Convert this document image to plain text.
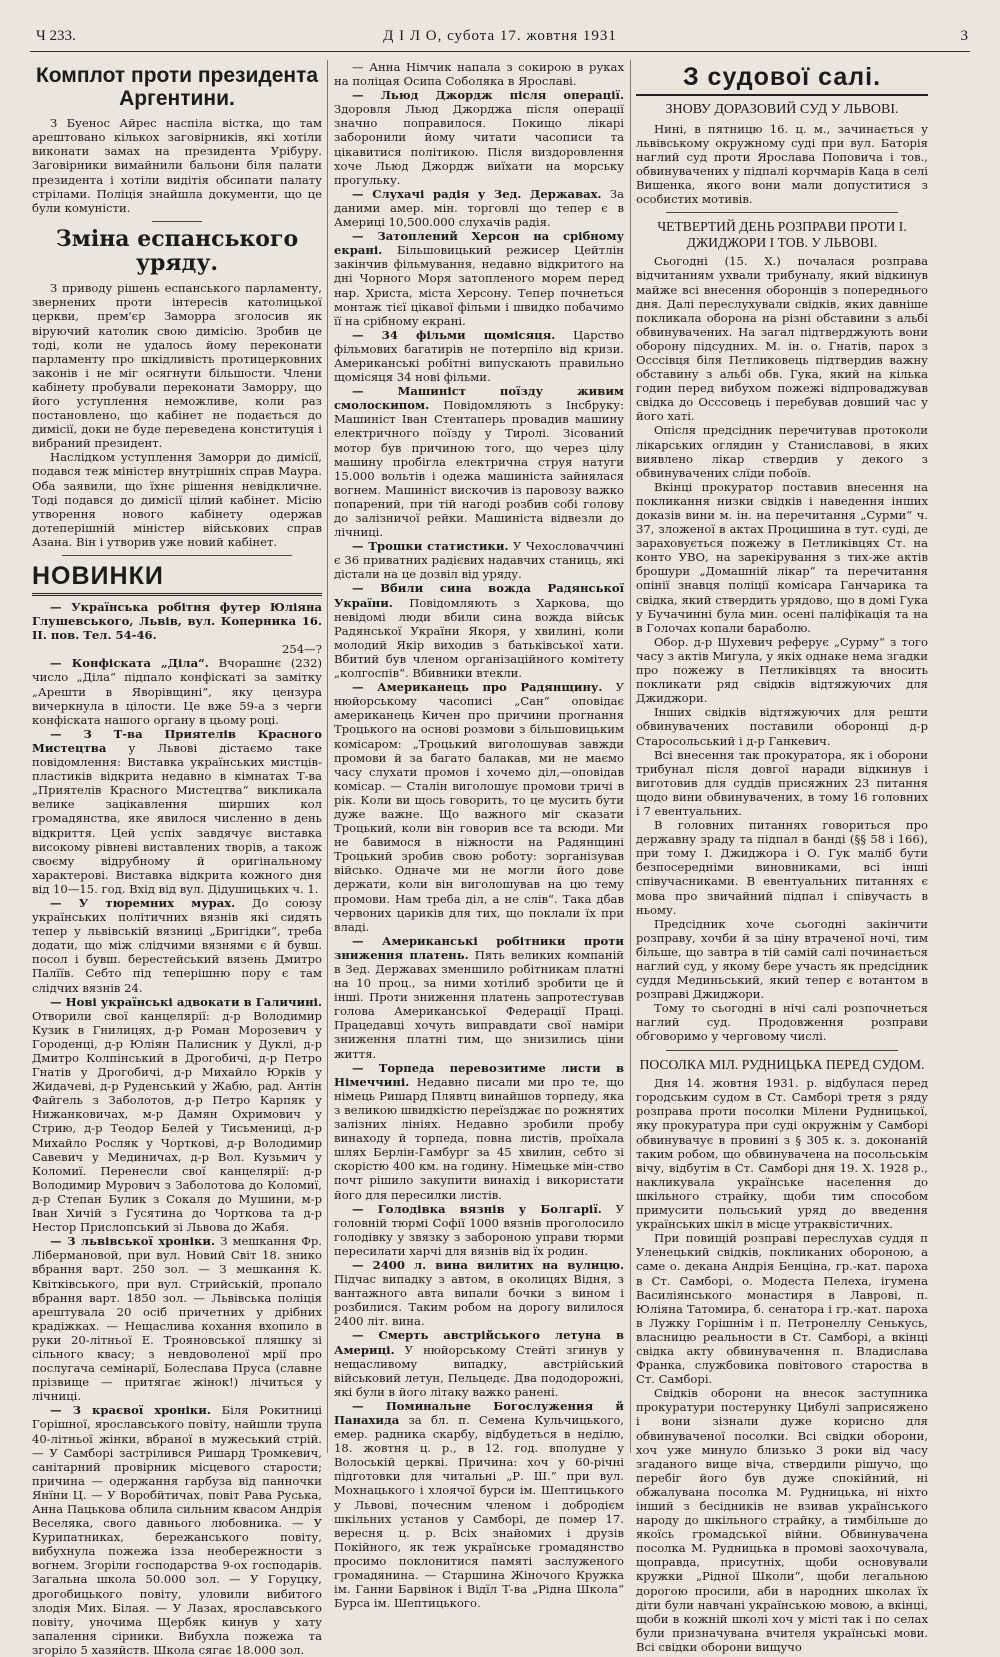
Ч 233.	Д І Л О, субота 17. жовтня 1931	3
Комплот проти президента Аргентини.

З Буенос Айрес наспіла вістка, що там арештовано кількох заговірників, які хотіли виконати замах на президента Урібуру. Заговірники вимайнили бальони біля палати президента і хотіли видітія обсипати палату стрілами. Поліція знайшла документи, що це були комуністи.

Зміна еспанського уряду.

З приводу рішень еспанського парламенту, звернених проти інтересів католицької церкви, прем'єр Заморра зголосив як віруючий католик свою димісію. Зробив це тоді, коли не удалось йому переконати парламенту про шкідливість протицерковних законів і не міг осягнути більшости. Члени кабінету пробували переконати Заморру, що його уступлення неможливе, коли раз постановлено, що кабінет не подається до димісії, доки не буде переведена конституція і вибраний президент.

Наслідком уступлення Заморри до димісії, подався теж міністер внутрішніх справ Маура. Оба заявили, що їхнє рішення невідкличне. Тоді подався до димісії цілий кабінет. Місію утворення нового кабінету одержав дотеперішній міністер військових справ Азана. Він і утворив уже новий кабінет.

НОВИНКИ

— Українська робітня футер Юліяна Глушевського, Львів, вул. Коперника 16. II. пов. Тел. 54-46.

254—?

— Конфіската „Діла“. Вчорашнє (232) число „Діла“ підпало конфіскаті за замітку „Арешти в Яворівщині“, яку цензура вичеркнула в цілости. Це вже 59-а з черги конфіската нашого органу в цьому році.

— З Т-ва Приятелів Красного Мистецтва у Львові дістаємо таке повідомлення: Виставка українських мистців-пластиків відкрита недавно в кімнатах Т-ва „Приятелів Красного Мистецтва“ викликала велике зацікавлення ширших кол громадянства, яке явилося численно в день відкриття. Цей успіх завдячує виставка високому рівневі виставлених творів, а також своєму відрубному й оригінальному характерові. Виставка відкрита кожного дня від 10—15. год. Вхід від вул. Дідушицьких ч. 1.

— У тюремних мурах. До союзу українських політичних вязнів які сидять тепер у львівській вязниці „Бригідки“, треба додати, що між слідчими вязнями є й бувш. посол і бувш. берестейський вязень Дмитро Палїїв. Себто під теперішню пору є там слідчих вязнів 24.

— Нові українські адвокати в Галичині. Отворили свої канцелярії: д-р Володимир Кузик в Гнилицях, д-р Роман Морозевич у Городенці, д-р Юліян Палисник у Дуклі, д-р Дмитро Колпінський в Дрогобичі, д-р Петро Гнатів у Дрогобичі, д-р Михайло Юрків у Жидачеві, д-р Руденський у Жабю, рад. Антін Файгель з Заболотов, д-р Петро Карпяк у Нижанковичах, м-р Дамян Охримович у Стрию, д-р Теодор Белей у Тисьмениці, д-р Михайло Росляк у Чорткові, д-р Володимир Савевич у Мединичах, д-р Вол. Кузьмич у Коломиї. Перенесли свої канцелярії: д-р Володимир Мурович з Заболотова до Коломиї, д-р Степан Булик з Сокаля до Мушини, м-р Іван Хичій з Гусятина до Чорткова та д-р Нестор Прислопський зі Львова до Жабя.

— З львівської хроніки. З мешкання Фр. Лібермановой, при вул. Новий Світ 18. знико вбрання варт. 250 зол. — З мешкання К. Квітківського, при вул. Стрийській, пропало вбрання варт. 1850 зол. — Львівська поліція арештувала 20 осіб причетних у дрібних крадіжках. — Нещаслива кохання вхопило в руки 20-літньої Е. Трояновської пляшку зі сільного квасу; з невдоволеної мрії про послугача семінарії, Болеслава Пруса (славне прізвище — притягає жінок!) лічиться у лічниці.

— З краєвої хроніки. Біля Рокитниці Горішної, ярославського повіту, найшли трупа 40-літньої жінки, вбраної в мужеський стрій. — У Самборі застрілився Ришард Тромкевич, санітарний провірник місцевого старости; причина — одержання гарбуза від панночки Янїни Ц. — У Воробйтичах, повіт Рава Руська, Анна Пацькова облила сильним квасом Андрія Веселяка, свого давнього любовника. — У Курипатниках, бережанського повіту, вибухнула пожежа ізза необережности з вогнем. Згоріли господарства 9-ох господарів. Загальна школа 50.000 зол. — У Горуцку, дрогобицького повіту, уловили вибитого злодія Мих. Білая. — У Лазах, ярославського повіту, уночима Щербяк кинув у хату запалення сірники. Вибухла пожежа та згоріло 5 хазяйств. Школа сягає 18.000 зол.

— Анна Німчик напала з сокирою в руках на поліцая Осипа Соболяка в Ярославі.

— Льюд Джордж після операції. Здоровля Льюд Джорджа після операції значно поправилося. Покищо лікарі заборонили йому читати часописи та цікавитися політикою. Після виздоровлення хоче Льюд Джордж виїхати на морську прогульку.

— Слухачі радія у Зед. Державах. За даними амер. мін. торговлі що тепер є в Америці 10,500.000 слухачів радія.

— Затоплений Херсон на срібному екрані. Більшовицький режисер Цейтлін закінчив фільмування, недавно відкритого на дні Чорного Моря затопленого морем перед нар. Христа, міста Херсону. Тепер почнеться монтаж тієї цікавої фільми і швидко побачимо її на срібному екрані.

— 34 фільми щомісяця. Царство фільмових багатирів не потерпіло від кризи. Американські робітні випускають правильно щомісяця 34 нові фільми.

— Машиніст поїзду живим смолоскипом. Повідомляють з Інсбруку: Машиніст Іван Стентаперь провадив машину електричного поїзду у Тиролі. Зісований мотор був причиною того, що через цілу машину пробігла електрична струя натуги 15.000 вольтів і одежа машиніста зайнялася вогнем. Машиніст вискочив із паровозу важко попарений, при тій нагоді розбив собі голову до залізничої рейки. Машиніста відвезли до лічниці.

— Трошки статистики. У Чехословаччині є 36 приватних радієвих надавчих станиць, які дістали на це дозвіл від уряду.

— Вбили сина вожда Радянської України. Повідомляють з Харкова, що невідомі люди вбили сина вожда військ Радянської України Якоря, у хвилині, коли молодий Якір виходив з батьківської хати. Вбитий був членом організаційного комітету „колгоспів“. Вбивники втекли.

— Американець про Радянщину. У нюйорському часописі „Сан“ оповідає американець Кичен про причини прогнання Троцького на основі розмови з більшовицьким комісаром: „Троцький виголошував завжди промови й за багато балакав, ми не маємо часу слухати промов і хочемо діл,—оповідав комісар. — Сталін виголошує промови тричі в рік. Коли ви щось говорить, то це мусить бути дуже важне. Що важного міг сказати Троцький, коли він говорив все та всюди. Ми не бавимося в ніжности на Радянщині Троцький зробив свою роботу: зорганізував військо. Одначе ми не могли його дове держати, коли він виголошував на цю тему промови. Нам треба діл, а не слів“. Така дбав червоних цариків для тих, що поклали їх при владі.

— Американські робітники проти зниження платень. Пять великих компаній в Зед. Державах зменшило робітникам платні на 10 проц., за ними хотілиб зробити це й інші. Проти зниження платень запротестував голова Американської Федерації Праці. Працедавці хочуть виправдати свої наміри зниження платні тим, що знизились ціни життя.

— Торпеда перевозитиме листи в Німеччині. Недавно писали ми про те, що німець Ришард Плявтц винайшов торпеду, яка з великою швидкістю переїзджає по рожнятих залізних лініях. Недавно зробили пробу винаходу й торпеда, повна листів, проїхала шлях Берлін-Гамбург за 45 хвилин, себто зі скорістю 400 км. на годину. Німецьке мін-ство почт рішило закупити винахід і використати його для пересилки листів.

— Голодівка вязнів у Болгарії. У головній тюрмі Софії 1000 вязнів проголосило голодівку у звязку з забороною управи тюрми пересилати харчі для вязнів від їх родин.

— 2400 л. вина вилитих на вулицю. Підчас випадку з автом, в околицях Відня, з вантажного авта випали бочки з вином і розбилися. Таким робом на дорогу вилилося 2400 літ. вина.

— Смерть австрійського летуна в Америці. У нюйорському Стейті згинув у нещасливому випадку, австрійський військовий летун, Пельцедє. Два пододорожні, які були в його літаку важко ранені.

— Поминальне Богослужения й Панахида за бл. п. Семена Кульчицького, емер. радника скарбу, відбудеться в неділю, 18. жовтня ц. р., в 12. год. вполудне у Волоській церкві. Причина: хоч у 60-річні підготовки для читальні „Р. Ш.“ при вул. Мохнацького і хлоячої бурси ім. Шептицького у Львові, почесним членом і добродієм шкільних установ у Самборі, де помер 17. вересня ц. р. Всіх знайомих і друзів Покійного, як теж українське громадянство просимо поклонитися памяті заслуженого громадянина. — Старшина Жіночого Кружка ім. Ганни Барвінок і Відїл Т-ва „Рідна Школа“ Бурса ім. Шептицького.

З судової салі.
ЗНОВУ ДОРАЗОВИЙ СУД У ЛЬВОВІ.

Нині, в пятницю 16. ц. м., зачинається у львівському окружному суді при вул. Баторія наглий суд проти Ярослава Поповича і тов., обвинувачених у підпалі корчмарів Каца в селі Вишенка, якого вони мали допуститися з особистих мотивів.

ЧЕТВЕРТИЙ ДЕНЬ РОЗПРАВИ ПРОТИ І. ДЖИДЖОРИ І ТОВ. У ЛЬВОВІ.

Сьогодні (15. Х.) почалася розправа відчитанням ухвали трибуналу, який відкинув майже всі внесення оборонців з попереднього дня. Далі переслухували свідків, яких давніше покликала оборона на різні обставини з альбі обвинувачених. На загал підтверджують вони оборону підсудних. М. ін. о. Гнатів, парох з Осссівця біля Петликовець підтвердив важну обставину з альбі обв. Гука, який на кілька годин перед вибухом пожежі відпроваджував свідка до Осссовець і перебував довший час у його хаті.

Опісля предсідник перечитував протоколи лікарських оглядин у Станиславові, в яких виявлено лікар ствердив у декого з обвинувачених слїди побоїв.

Вкінці прокуратор поставив внесення на покликання низки свідків і наведення інших доказів вини м. ін. на перечитання „Сурми“ ч. 37, зложеної в актах Процишина в тут. суді, де зараховується пожежу в Петликівцях Ст. на конто УВО, на зарекірування з тих-же актів брошури „Домашній лікар“ та перечитання опінії знавця поліції комісара Ганчарика та свідка, який ствердить урядово, що в домі Гука у Бучачинні була мин. осені паліфікація та на в Голочах копали бараболю.

Обор. д-р Шухевич реферує „Сурму“ з того часу з актів Мигула, у якіх однаке нема згадки про пожежу в Петликівцях та вносить покликати ряд свідків відтяжуючих для Джиджори.

Інших свідків відтяжуючих для решти обвинувачених поставили оборонці д-р Старосольський і д-р Ганкевич.

Всі внесення так прокуратора, як і оборони трибунал після довгої наради відкинув і виготовив для суддів присяжних 23 питання щодо вини обвинувачених, в тому 16 головних і 7 евентуальних.

В головних питаннях говориться про державну зраду та підпал в банді (§§ 58 і 166), при тому І. Джиджора і О. Гук маліб бути безпосередніми виновниками, всі інші співучасниками. В евентуальних питаннях є мова про звичайний підпал і співучасть в ньому.

Предсідник хоче сьогодні закінчити розправу, хочби й за ціну втраченої ночі, тим більше, що завтра в тій самій салі починається наглий суд, у якому бере участь як предсідник суддя Мединьський, який тепер є вотантом в розправі Джиджори.

Тому то сьогодні в нічі салі розпочнеться наглий суд. Продовження розправи обговоримо у черговому числі.

ПОСОЛКА МІЛ. РУДНИЦЬКА ПЕРЕД СУДОМ.

Дня 14. жовтня 1931. р. відбулася перед городським судом в Ст. Самборі третя з ряду розправа проти посолки Мілени Рудницької, яку прокуратура при суді окружнім у Самборі обвинувачує в провині з § 305 к. з. доконаній таким робом, що обвинувачена на посольськім вічу, відбутім в Ст. Самборі дня 19. Х. 1928 р., накликувала українське населення до шкільного страйку, щоби тим способом примусити польський уряд до введення українських шкіл в місце утраквістичних.

При повищій розправі переслухав суддя п Уленецький свідків, покликаних обороною, а саме о. декана Андрія Бенціна, гр.-кат. пароха в Ст. Самборі, о. Модеста Пелеха, ігумена Василіянського монастиря в Лаврові, п. Юліяна Татомира, б. сенатора і гр.-кат. пароха в Лужку Горішнім і п. Петронеллу Сенькусь, власницю реальности в Ст. Самборі, а вкінці свідка акту обвинувачення п. Владислава Франка, службовика повітового староства в Ст. Самборі.

Свідків оборони на внесок заступника прокуратури постерунку Цибулі заприсяжено і вони зізнали дуже корисно для обвинуваченої посолки. Всі свідки оборони, хоч уже минуло близько 3 роки від часу згаданого вище віча, ствердили рішучо, що перебіг його був дуже спокійний, ні обжалувана посолка М. Рудницька, ні ніхто інший з бесідників не взивав українського народу до шкільного страйку, а тимбільше до якоїсь громадської війни. Обвинувачена посолка М. Рудницька в промові заохочувала, щоправда, присутніх, щоби основували кружки „Рідної Школи“, щоби легальною дорогою просили, аби в народних школах їх діти були навчані українською мовою, а вкінці, щоби в кожній школі хоч у місті так і по селах були призначувана вчителя українські мови. Всі свідки оборони вищучо
